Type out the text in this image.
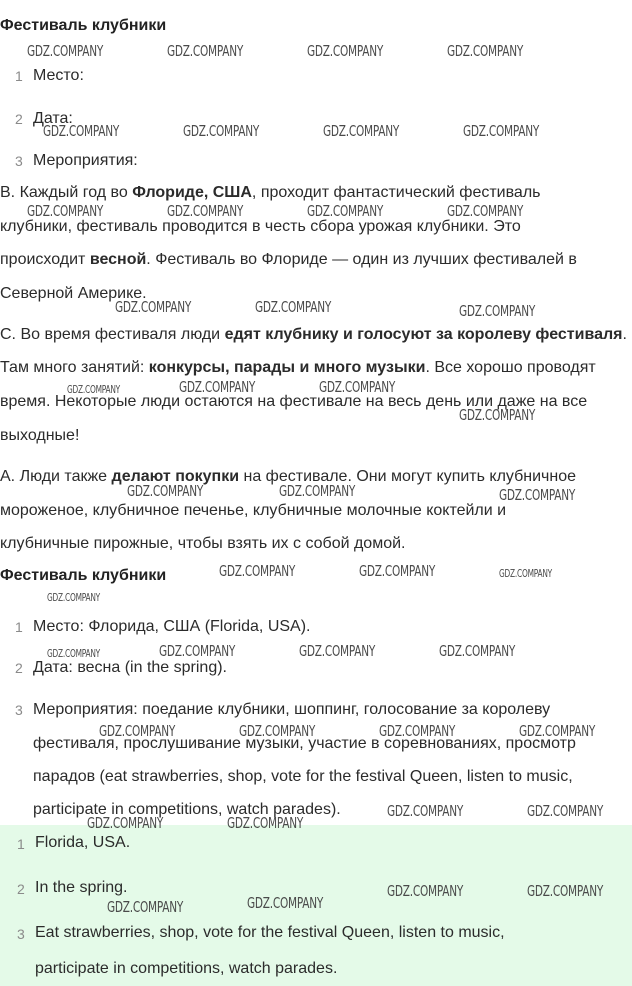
Фестиваль клубники
1 Место:
2 Дата:
3 Мероприятия:
B. Каждый год во Флориде, США, проходит фантастический фестиваль
клубники, фестиваль проводится в честь сбора урожая клубники. Это
происходит весной. Фестиваль во Флориде — один из лучших фестивалей в
Северной Америке.
C. Во время фестиваля люди едят клубнику и голосуют за королеву фестиваля.
Там много занятий: конкурсы, парады и много музыки. Все хорошо проводят
время. Некоторые люди остаются на фестивале на весь день или даже на все
выходные!
A. Люди также делают покупки на фестивале. Они могут купить клубничное
мороженое, клубничное печенье, клубничные молочные коктейли и
клубничные пирожные, чтобы взять их с собой домой.
Фестиваль клубники
1 Место: Флорида, США (Florida, USA).
2 Дата: весна (in the spring).
3 Мероприятия: поедание клубники, шоппинг, голосование за королеву
фестиваля, прослушивание музыки, участие в соревнованиях, просмотр
парадов (eat strawberries, shop, vote for the festival Queen, listen to music,
participate in competitions, watch parades).
1 Florida, USA.
2 In the spring.
3 Eat strawberries, shop, vote for the festival Queen, listen to music,
participate in competitions, watch parades.
GDZ.COMPANY	GDZ.COMPANY	GDZ.COMPANY	GDZ.COMPANY
GDZ.COMPANY	GDZ.COMPANY	GDZ.COMPANY	GDZ.COMPANY
GDZ.COMPANY	GDZ.COMPANY	GDZ.COMPANY	GDZ.COMPANY
GDZ.COMPANY	GDZ.COMPANY	GDZ.COMPANY
GDZ.COMPANY	GDZ.COMPANY	GDZ.COMPANY
GDZ.COMPANY
GDZ.COMPANY	GDZ.COMPANY	GDZ.COMPANY
GDZ.COMPANY	GDZ.COMPANY	GDZ.COMPANY
GDZ.COMPANY
GDZ.COMPANY	GDZ.COMPANY	GDZ.COMPANY	GDZ.COMPANY
GDZ.COMPANY	GDZ.COMPANY	GDZ.COMPANY	GDZ.COMPANY
GDZ.COMPANY	GDZ.COMPANY
GDZ.COMPANY	GDZ.COMPANY
GDZ.COMPANY	GDZ.COMPANY
GDZ.COMPANY	GDZ.COMPANY
